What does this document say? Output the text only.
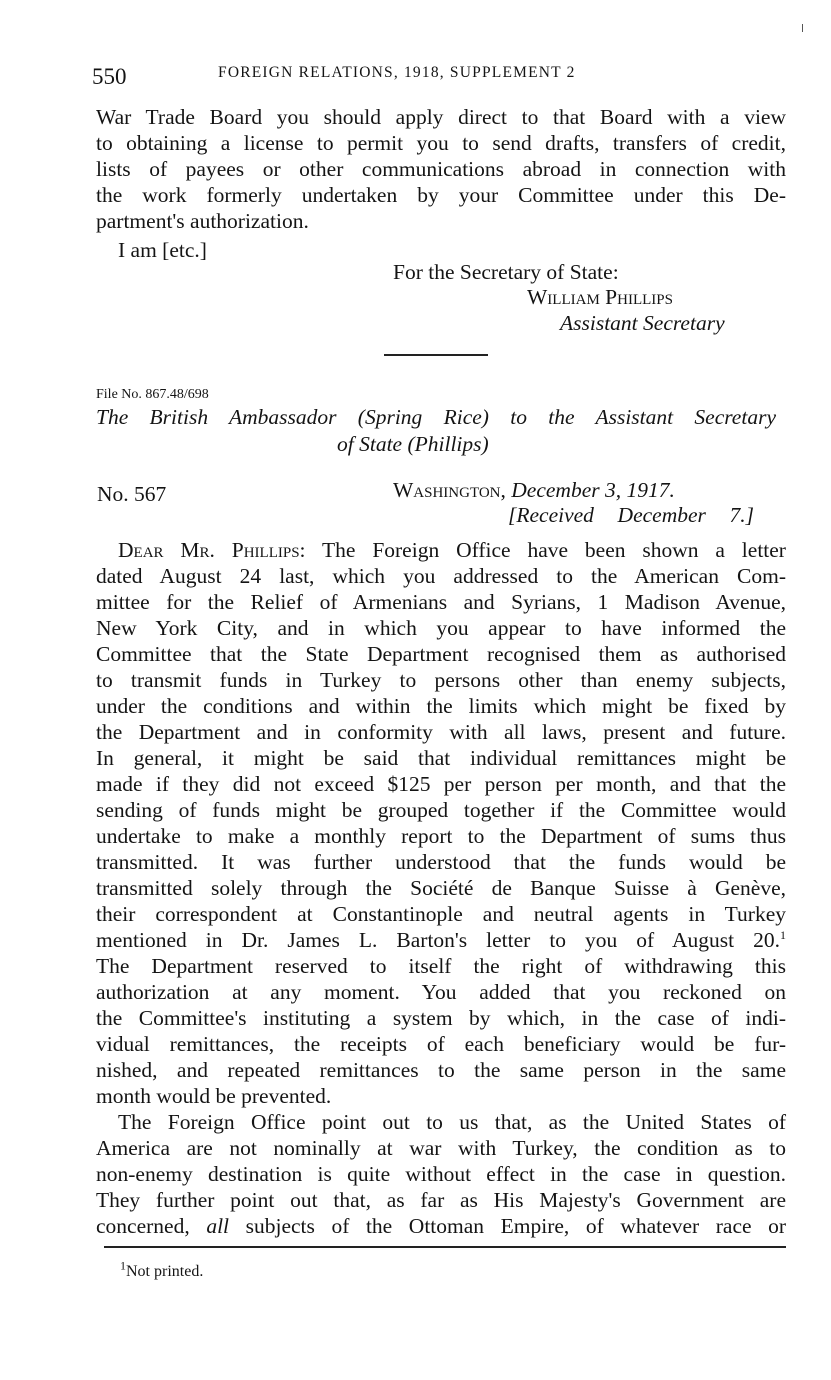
550	FOREIGN RELATIONS, 1918, SUPPLEMENT 2
War Trade Board you should apply direct to that Board with a view
to obtaining a license to permit you to send drafts, transfers of credit,
lists of payees or other communications abroad in connection with
the work formerly undertaken by your Committee under this De-
partment's authorization.
I am [etc.]
For the Secretary of State:
William Phillips
Assistant Secretary
File No. 867.48/698
The British Ambassador (Spring Rice) to the Assistant Secretary
of State (Phillips)
No. 567	Washington, December 3, 1917.
[Received December 7.]
Dear Mr. Phillips: The Foreign Office have been shown a letter
dated August 24 last, which you addressed to the American Com-
mittee for the Relief of Armenians and Syrians, 1 Madison Avenue,
New York City, and in which you appear to have informed the
Committee that the State Department recognised them as authorised
to transmit funds in Turkey to persons other than enemy subjects,
under the conditions and within the limits which might be fixed by
the Department and in conformity with all laws, present and future.
In general, it might be said that individual remittances might be
made if they did not exceed $125 per person per month, and that the
sending of funds might be grouped together if the Committee would
undertake to make a monthly report to the Department of sums thus
transmitted. It was further understood that the funds would be
transmitted solely through the Société de Banque Suisse à Genève,
their correspondent at Constantinople and neutral agents in Turkey
mentioned in Dr. James L. Barton's letter to you of August 20.$^1$
The Department reserved to itself the right of withdrawing this
authorization at any moment. You added that you reckoned on
the Committee's instituting a system by which, in the case of indi-
vidual remittances, the receipts of each beneficiary would be fur-
nished, and repeated remittances to the same person in the same
month would be prevented.
The Foreign Office point out to us that, as the United States of
America are not nominally at war with Turkey, the condition as to
non-enemy destination is quite without effect in the case in question.
They further point out that, as far as His Majesty's Government are
concerned, all subjects of the Ottoman Empire, of whatever race or
$^1$Not printed.
